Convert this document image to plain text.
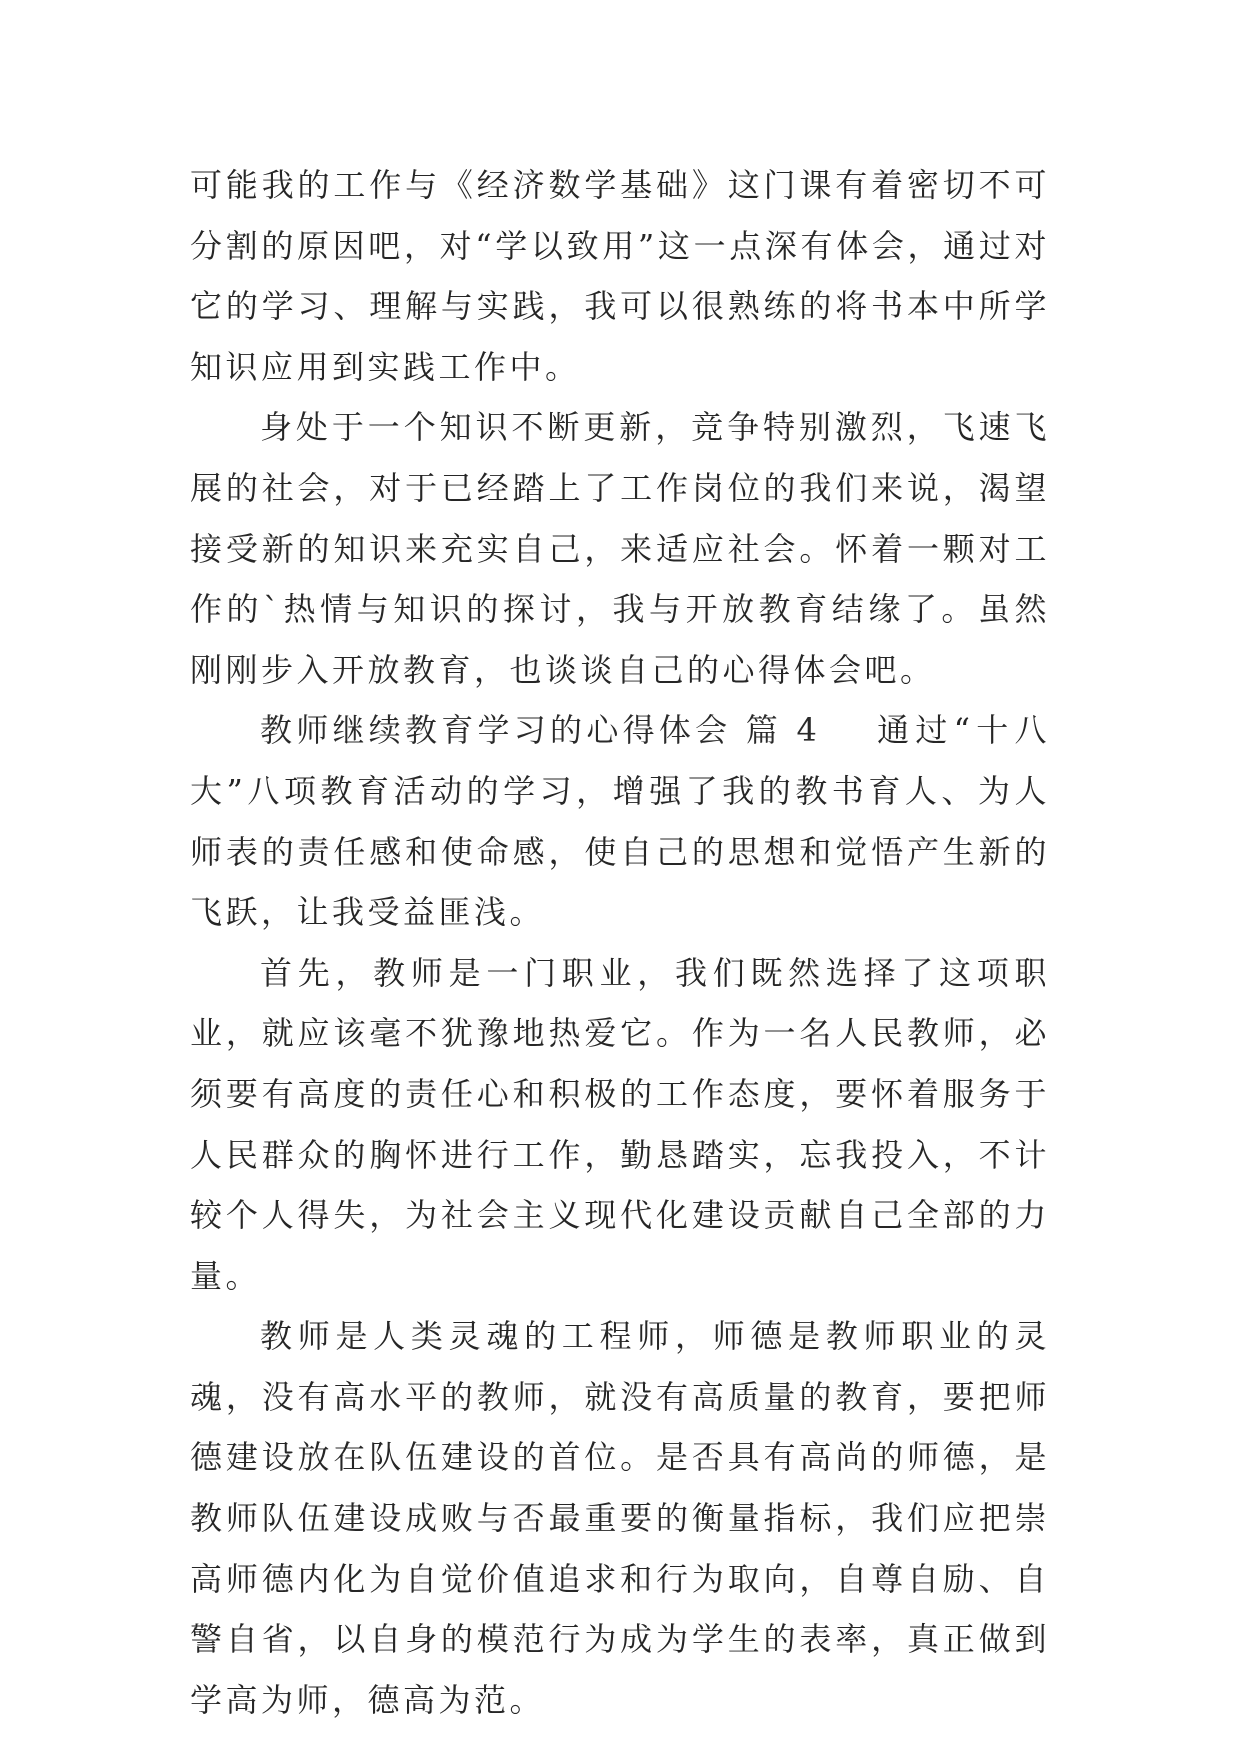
可能我的工作与《经济数学基础》这门课有着密切不可分割的原因吧，对“学以致用”这一点深有体会，通过对它的学习、理解与实践，我可以很熟练的将书本中所学知识应用到实践工作中。

身处于一个知识不断更新，竞争特别激烈，飞速飞展的社会，对于已经踏上了工作岗位的我们来说，渴望接受新的知识来充实自己，来适应社会。怀着一颗对工作的`热情与知识的探讨，我与开放教育结缘了。虽然刚刚步入开放教育，也谈谈自己的心得体会吧。

教师继续教育学习的心得体会 篇 4 通过“十八大”八项教育活动的学习，增强了我的教书育人、为人师表的责任感和使命感，使自己的思想和觉悟产生新的飞跃，让我受益匪浅。

首先，教师是一门职业，我们既然选择了这项职业，就应该毫不犹豫地热爱它。作为一名人民教师，必须要有高度的责任心和积极的工作态度，要怀着服务于人民群众的胸怀进行工作，勤恳踏实，忘我投入，不计较个人得失，为社会主义现代化建设贡献自己全部的力量。

教师是人类灵魂的工程师，师德是教师职业的灵魂，没有高水平的教师，就没有高质量的教育，要把师德建设放在队伍建设的首位。是否具有高尚的师德，是教师队伍建设成败与否最重要的衡量指标，我们应把崇高师德内化为自觉价值追求和行为取向，自尊自励、自警自省，以自身的模范行为成为学生的表率，真正做到学高为师，德高为范。
